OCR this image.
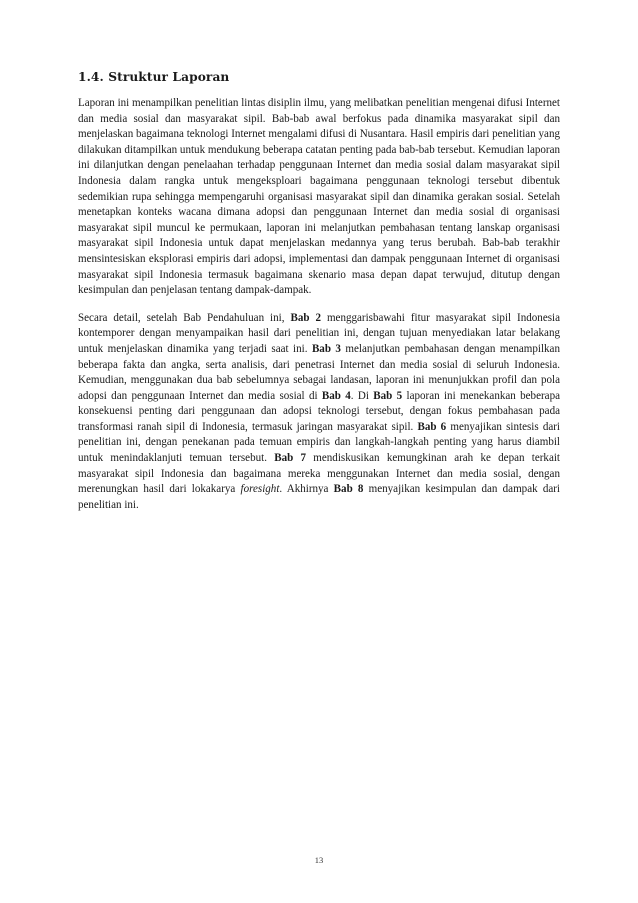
1.4. Struktur Laporan

Laporan ini menampilkan penelitian lintas disiplin ilmu, yang melibatkan penelitian mengenai difusi Internet dan media sosial dan masyarakat sipil. Bab-bab awal berfokus pada dinamika masyarakat sipil dan menjelaskan bagaimana teknologi Internet mengalami difusi di Nusantara. Hasil empiris dari penelitian yang dilakukan ditampilkan untuk mendukung beberapa catatan penting pada bab-bab tersebut. Kemudian laporan ini dilanjutkan dengan penelaahan terhadap penggunaan Internet dan media sosial dalam masyarakat sipil Indonesia dalam rangka untuk mengeksploari bagaimana penggunaan teknologi tersebut dibentuk sedemikian rupa sehingga mempengaruhi organisasi masyarakat sipil dan dinamika gerakan sosial. Setelah menetapkan konteks wacana dimana adopsi dan penggunaan Internet dan media sosial di organisasi masyarakat sipil muncul ke permukaan, laporan ini melanjutkan pembahasan tentang lanskap organisasi masyarakat sipil Indonesia untuk dapat menjelaskan medannya yang terus berubah. Bab-bab terakhir mensintesiskan eksplorasi empiris dari adopsi, implementasi dan dampak penggunaan Internet di organisasi masyarakat sipil Indonesia termasuk bagaimana skenario masa depan dapat terwujud, ditutup dengan kesimpulan dan penjelasan tentang dampak-dampak.

Secara detail, setelah Bab Pendahuluan ini, Bab 2 menggarisbawahi fitur masyarakat sipil Indonesia kontemporer dengan menyampaikan hasil dari penelitian ini, dengan tujuan menyediakan latar belakang untuk menjelaskan dinamika yang terjadi saat ini. Bab 3 melanjutkan pembahasan dengan menampilkan beberapa fakta dan angka, serta analisis, dari penetrasi Internet dan media sosial di seluruh Indonesia. Kemudian, menggunakan dua bab sebelumnya sebagai landasan, laporan ini menunjukkan profil dan pola adopsi dan penggunaan Internet dan media sosial di Bab 4. Di Bab 5 laporan ini menekankan beberapa konsekuensi penting dari penggunaan dan adopsi teknologi tersebut, dengan fokus pembahasan pada transformasi ranah sipil di Indonesia, termasuk jaringan masyarakat sipil. Bab 6 menyajikan sintesis dari penelitian ini, dengan penekanan pada temuan empiris dan langkah-langkah penting yang harus diambil untuk menindaklanjuti temuan tersebut. Bab 7 mendiskusikan kemungkinan arah ke depan terkait masyarakat sipil Indonesia dan bagaimana mereka menggunakan Internet dan media sosial, dengan merenungkan hasil dari lokakarya foresight. Akhirnya Bab 8 menyajikan kesimpulan dan dampak dari penelitian ini.

13
